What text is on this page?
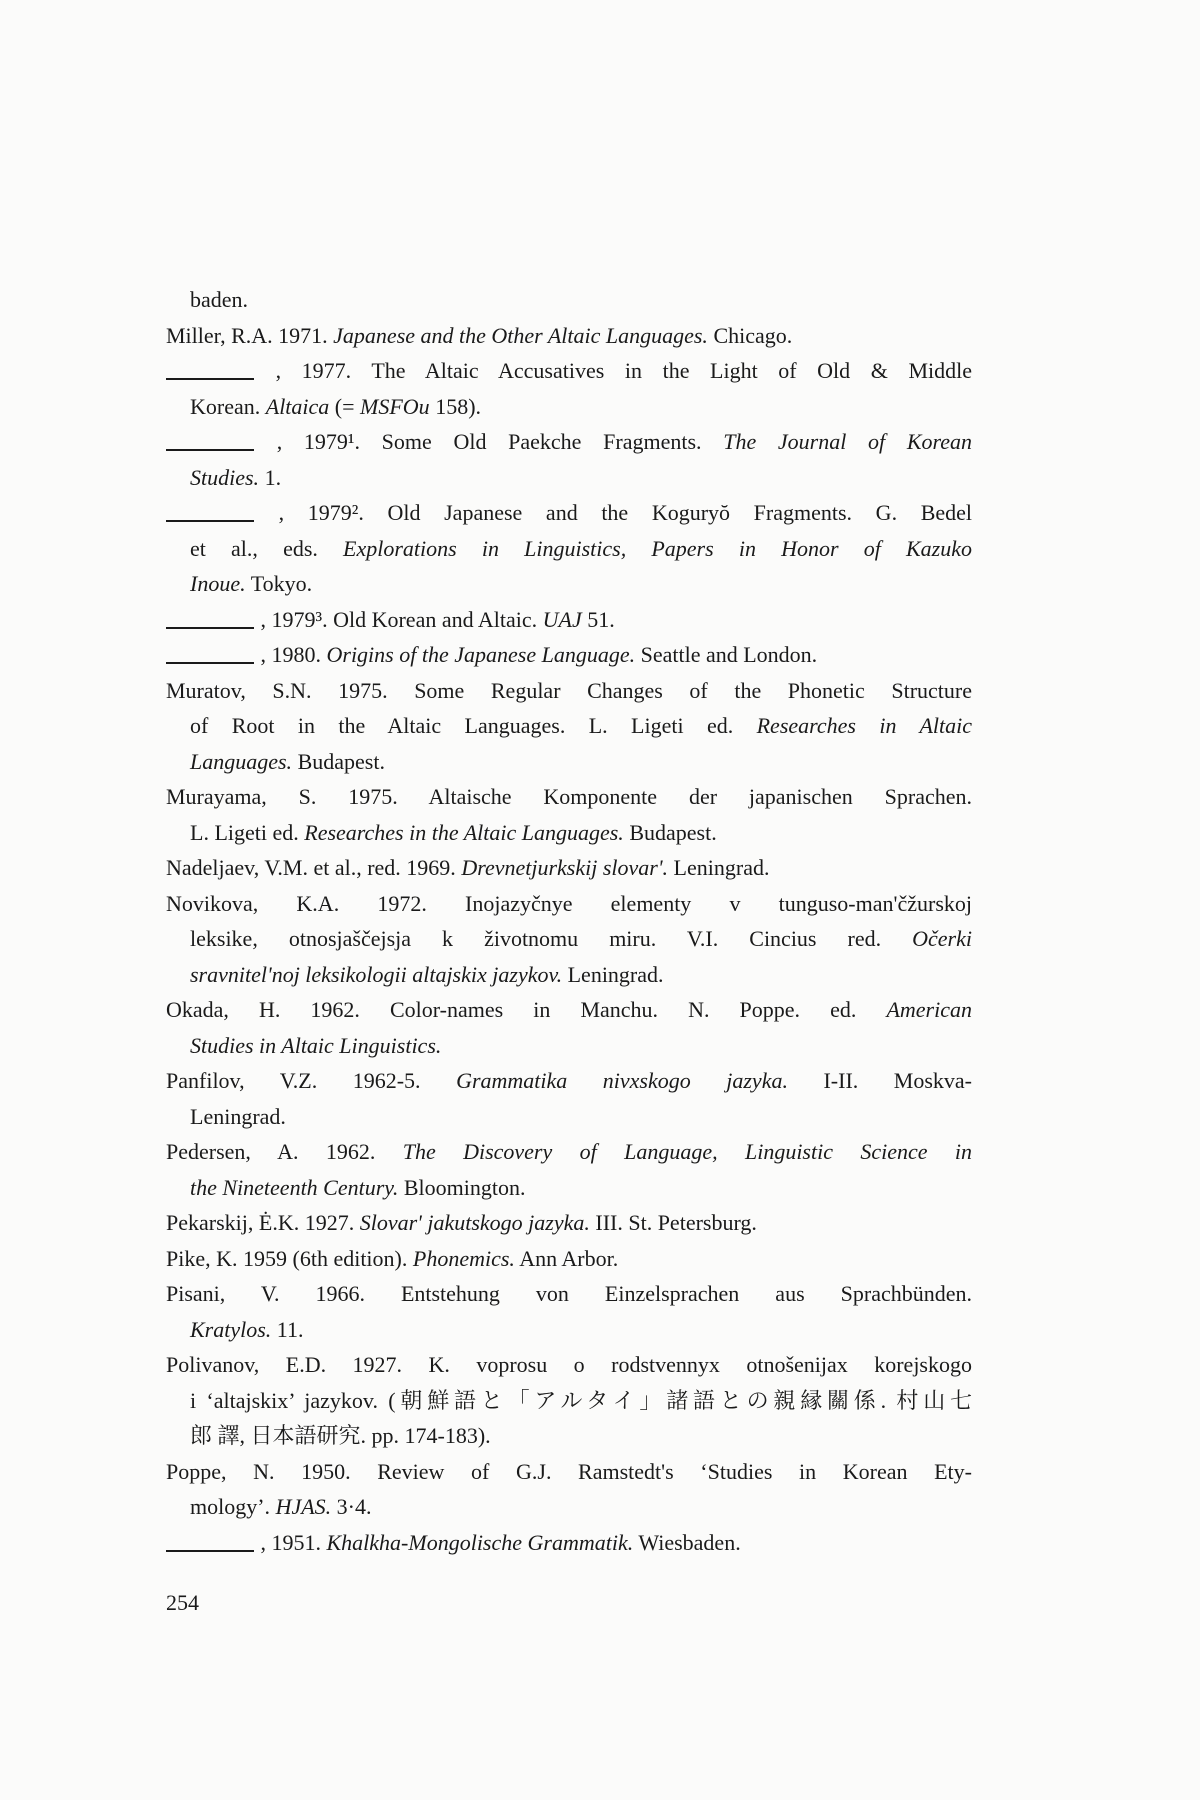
baden.
Miller, R.A. 1971. Japanese and the Other Altaic Languages. Chicago.
, 1977. The Altaic Accusatives in the Light of Old & Middle
Korean. Altaica (= MSFOu 158).
, 1979¹. Some Old Paekche Fragments. The Journal of Korean
Studies. 1.
, 1979². Old Japanese and the Koguryŏ Fragments. G. Bedel
et al., eds. Explorations in Linguistics, Papers in Honor of Kazuko
Inoue. Tokyo.
, 1979³. Old Korean and Altaic. UAJ 51.
, 1980. Origins of the Japanese Language. Seattle and London.
Muratov, S.N. 1975. Some Regular Changes of the Phonetic Structure
of Root in the Altaic Languages. L. Ligeti ed. Researches in Altaic
Languages. Budapest.
Murayama, S. 1975. Altaische Komponente der japanischen Sprachen.
L. Ligeti ed. Researches in the Altaic Languages. Budapest.
Nadeljaev, V.M. et al., red. 1969. Drevnetjurkskij slovar'. Leningrad.
Novikova, K.A. 1972. Inojazyčnye elementy v tunguso-man'čžurskoj
leksike, otnosjaščejsja k životnomu miru. V.I. Cincius red. Očerki
sravnitel'noj leksikologii altajskix jazykov. Leningrad.
Okada, H. 1962. Color-names in Manchu. N. Poppe. ed. American
Studies in Altaic Linguistics.
Panfilov, V.Z. 1962-5. Grammatika nivxskogo jazyka. I-II. Moskva-
Leningrad.
Pedersen, A. 1962. The Discovery of Language, Linguistic Science in
the Nineteenth Century. Bloomington.
Pekarskij, Ė.K. 1927. Slovar' jakutskogo jazyka. III. St. Petersburg.
Pike, K. 1959 (6th edition). Phonemics. Ann Arbor.
Pisani, V. 1966. Entstehung von Einzelsprachen aus Sprachbünden.
Kratylos. 11.
Polivanov, E.D. 1927. K. voprosu o rodstvennyx otnošenijax korejskogo
i ‘altajskix’ jazykov. (朝鮮語と「アルタイ」諸語との親縁關係. 村山七
郎 譯, 日本語研究. pp. 174-183).
Poppe, N. 1950. Review of G.J. Ramstedt's ‘Studies in Korean Ety-
mology’. HJAS. 3·4.
, 1951. Khalkha-Mongolische Grammatik. Wiesbaden.
254
